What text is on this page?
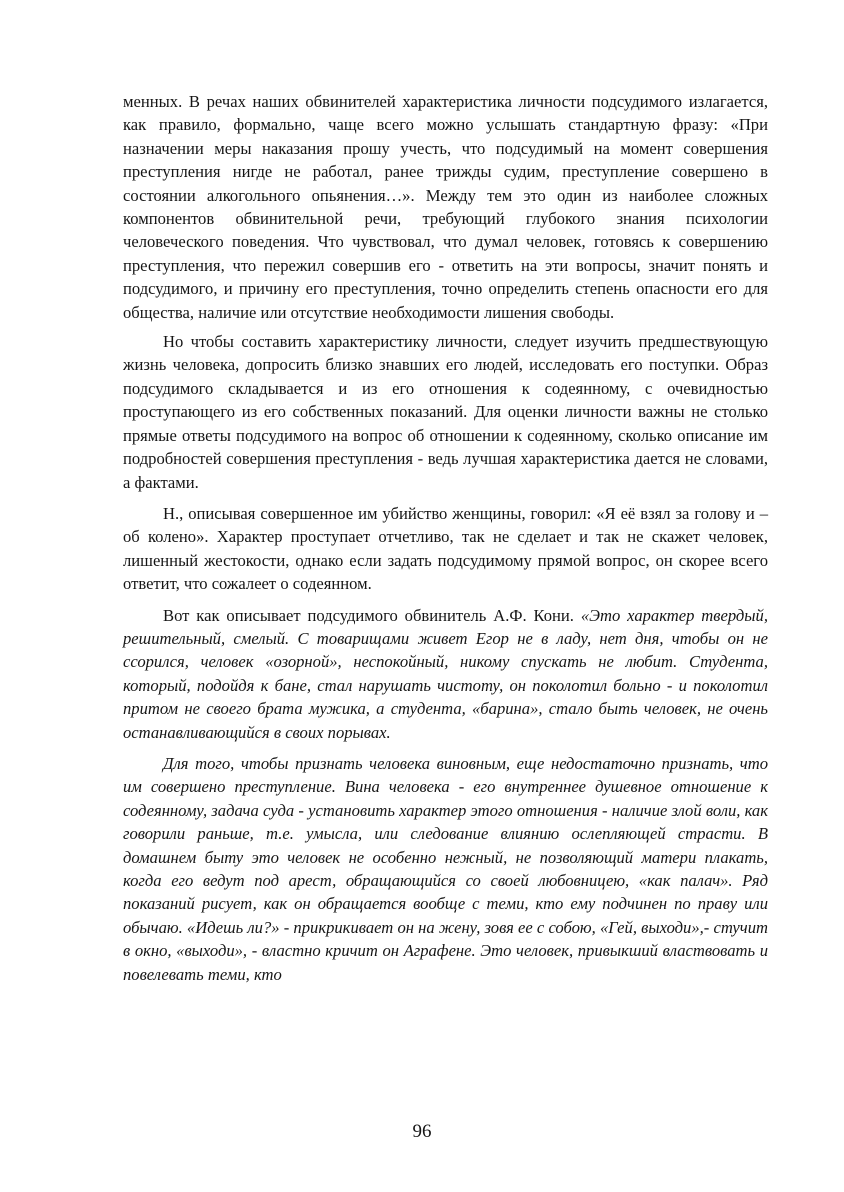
менных. В речах наших обвинителей характеристика личности подсудимого излагается, как правило, формально, чаще всего можно услышать стандартную фразу: «При назначении меры наказания прошу учесть, что подсудимый на момент совершения преступления нигде не работал, ранее трижды судим, преступление совершено в состоянии алкогольного опьянения…». Между тем это один из наиболее сложных компонентов обвинительной речи, требующий глубокого знания психологии человеческого поведения. Что чувствовал, что думал человек, готовясь к совершению преступления, что пережил совершив его - ответить на эти вопросы, значит понять и подсудимого, и причину его преступления, точно определить степень опасности его для общества, наличие или отсутствие необходимости лишения свободы.

Но чтобы составить характеристику личности, следует изучить предшествующую жизнь человека, допросить близко знавших его людей, исследовать его поступки. Образ подсудимого складывается и из его отношения к содеянному, с очевидностью проступающего из его собственных показаний. Для оценки личности важны не столько прямые ответы подсудимого на вопрос об отношении к содеянному, сколько описание им подробностей совершения преступления - ведь лучшая характеристика дается не словами, а фактами.

Н., описывая совершенное им убийство женщины, говорил: «Я её взял за голову и – об колено». Характер проступает отчетливо, так не сделает и так не скажет человек, лишенный жестокости, однако если задать подсудимому прямой вопрос, он скорее всего ответит, что сожалеет о содеянном.

Вот как описывает подсудимого обвинитель А.Ф. Кони. «Это характер твердый, решительный, смелый. С товарищами живет Егор не в ладу, нет дня, чтобы он не ссорился, человек «озорной», неспокойный, никому спускать не любит. Студента, который, подойдя к бане, стал нарушать чистоту, он поколотил больно - и поколотил притом не своего брата мужика, а студента, «барина», стало быть человек, не очень останавливающийся в своих порывах.

Для того, чтобы признать человека виновным, еще недостаточно признать, что им совершено преступление. Вина человека - его внутреннее душевное отношение к содеянному, задача суда - установить характер этого отношения - наличие злой воли, как говорили раньше, т.е. умысла, или следование влиянию ослепляющей страсти. В домашнем быту это человек не особенно нежный, не позволяющий матери плакать, когда его ведут под арест, обращающийся со своей любовницею, «как палач». Ряд показаний рисует, как он обращается вообще с теми, кто ему подчинен по праву или обычаю. «Идешь ли?» - прикрикивает он на жену, зовя ее с собою, «Гей, выходи»,- стучит в окно, «выходи», - властно кричит он Аграфене. Это человек, привыкший властвовать и повелевать теми, кто

96
